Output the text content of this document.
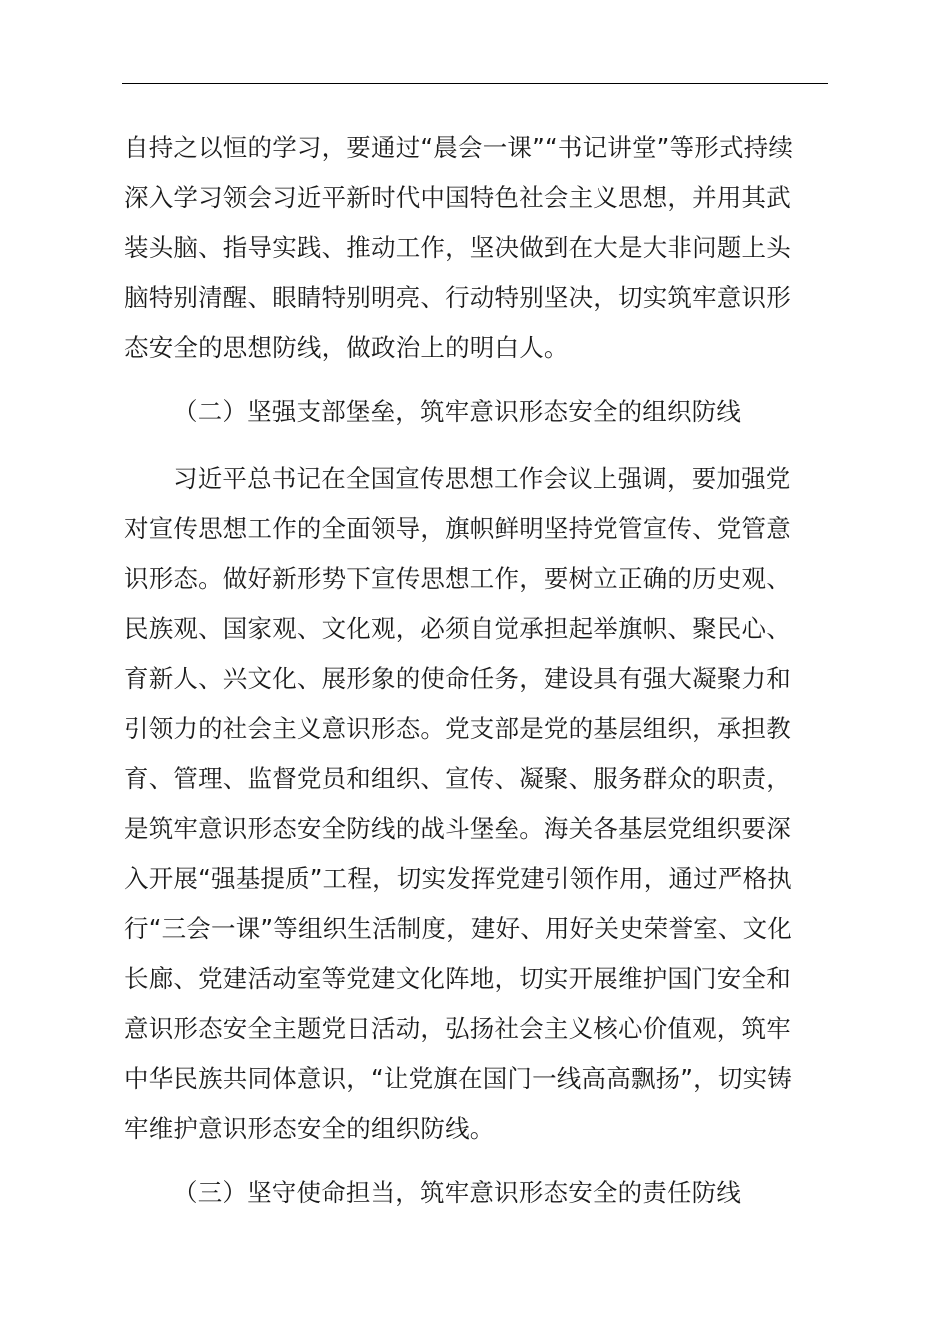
自持之以恒的学习，要通过“晨会一课”“书记讲堂”等形式持续
深入学习领会习近平新时代中国特色社会主义思想，并用其武
装头脑、指导实践、推动工作，坚决做到在大是大非问题上头
脑特别清醒、眼睛特别明亮、行动特别坚决，切实筑牢意识形
态安全的思想防线，做政治上的明白人。
（二）坚强支部堡垒，筑牢意识形态安全的组织防线
习近平总书记在全国宣传思想工作会议上强调，要加强党
对宣传思想工作的全面领导，旗帜鲜明坚持党管宣传、党管意
识形态。做好新形势下宣传思想工作，要树立正确的历史观、
民族观、国家观、文化观，必须自觉承担起举旗帜、聚民心、
育新人、兴文化、展形象的使命任务，建设具有强大凝聚力和
引领力的社会主义意识形态。党支部是党的基层组织，承担教
育、管理、监督党员和组织、宣传、凝聚、服务群众的职责，
是筑牢意识形态安全防线的战斗堡垒。海关各基层党组织要深
入开展“强基提质”工程，切实发挥党建引领作用，通过严格执
行“三会一课”等组织生活制度，建好、用好关史荣誉室、文化
长廊、党建活动室等党建文化阵地，切实开展维护国门安全和
意识形态安全主题党日活动，弘扬社会主义核心价值观，筑牢
中华民族共同体意识，“让党旗在国门一线高高飘扬”，切实铸
牢维护意识形态安全的组织防线。
（三）坚守使命担当，筑牢意识形态安全的责任防线
